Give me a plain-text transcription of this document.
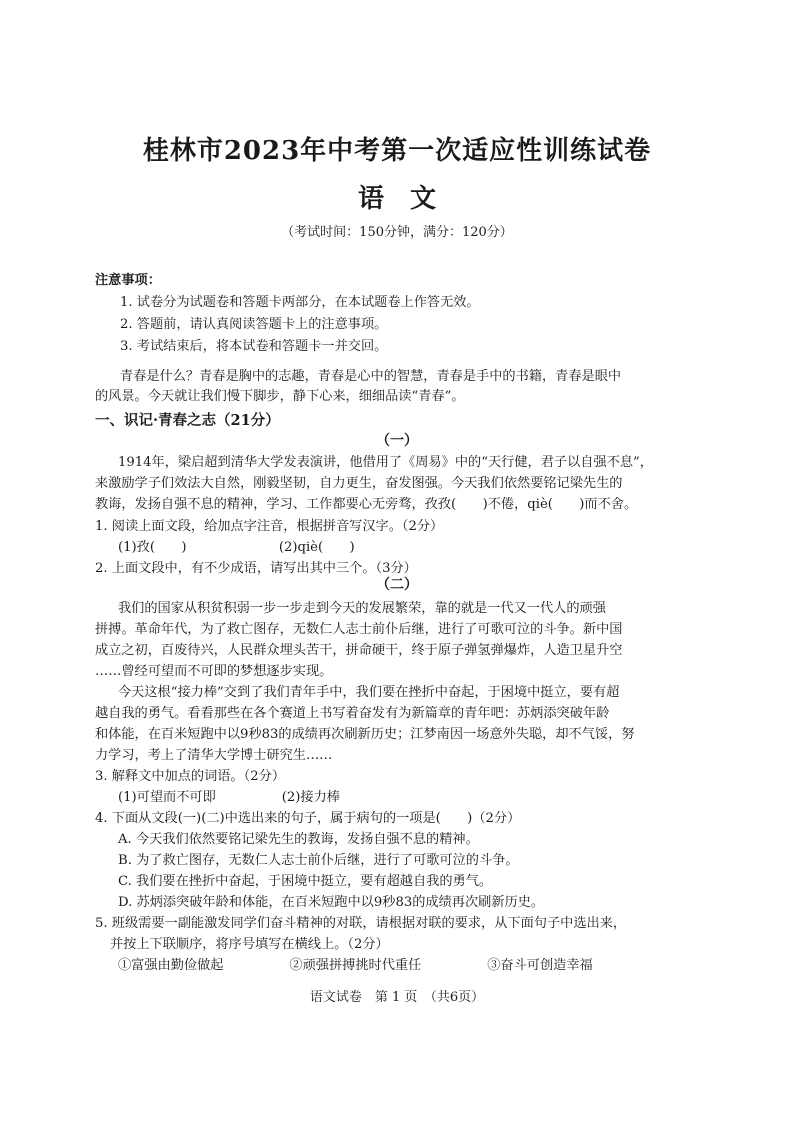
桂林市2023年中考第一次适应性训练试卷
语文
（考试时间：150分钟，满分：120分）
注意事项：
1. 试卷分为试题卷和答题卡两部分，在本试题卷上作答无效。
2. 答题前，请认真阅读答题卡上的注意事项。
3. 考试结束后，将本试卷和答题卡一并交回。
青春是什么？青春是胸中的志趣，青春是心中的智慧，青春是手中的书籍，青春是眼中
的风景。今天就让我们慢下脚步，静下心来，细细品读“青春”。
一、识记·青春之志（21分）
（一）
1914年，梁启超到清华大学发表演讲，他借用了《周易》中的“天行健，君子以自强不息”，
来激励学子们效法大自然，刚毅坚韧，自力更生，奋发图强。今天我们依然要铭记梁先生的
教诲，发扬自强不息的精神，学习、工作都要心无旁骛，孜孜(　　)不倦，qiè(　　)而不舍。
1. 阅读上面文段，给加点字注音，根据拼音写汉字。（2分）
(1)孜(　　)　　　　　　　(2)qiè(　　)
2. 上面文段中，有不少成语，请写出其中三个。（3分）
（二）
我们的国家从积贫积弱一步一步走到今天的发展繁荣，靠的就是一代又一代人的顽强
拼搏。革命年代，为了救亡图存，无数仁人志士前仆后继，进行了可歌可泣的斗争。新中国
成立之初，百废待兴，人民群众埋头苦干，拼命硬干，终于原子弹氢弹爆炸，人造卫星升空
……曾经可望而不可即的梦想逐步实现。
今天这根“接力棒”交到了我们青年手中，我们要在挫折中奋起，于困境中挺立，要有超
越自我的勇气。看看那些在各个赛道上书写着奋发有为新篇章的青年吧：苏炳添突破年龄
和体能，在百米短跑中以9秒83的成绩再次刷新历史；江梦南因一场意外失聪，却不气馁，努
力学习，考上了清华大学博士研究生……
3. 解释文中加点的词语。（2分）
(1)可望而不可即　　　　　(2)接力棒
4. 下面从文段(一)(二)中选出来的句子，属于病句的一项是(　　)（2分）
A. 今天我们依然要铭记梁先生的教诲，发扬自强不息的精神。
B. 为了救亡图存，无数仁人志士前仆后继，进行了可歌可泣的斗争。
C. 我们要在挫折中奋起，于困境中挺立，要有超越自我的勇气。
D. 苏炳添突破年龄和体能，在百米短跑中以9秒83的成绩再次刷新历史。
5. 班级需要一副能激发同学们奋斗精神的对联，请根据对联的要求，从下面句子中选出来，
并按上下联顺序，将序号填写在横线上。（2分）
①富强由勤俭做起　　　　　②顽强拼搏挑时代重任　　　　　③奋斗可创造幸福
语文试卷　第 1 页　（共6页）
